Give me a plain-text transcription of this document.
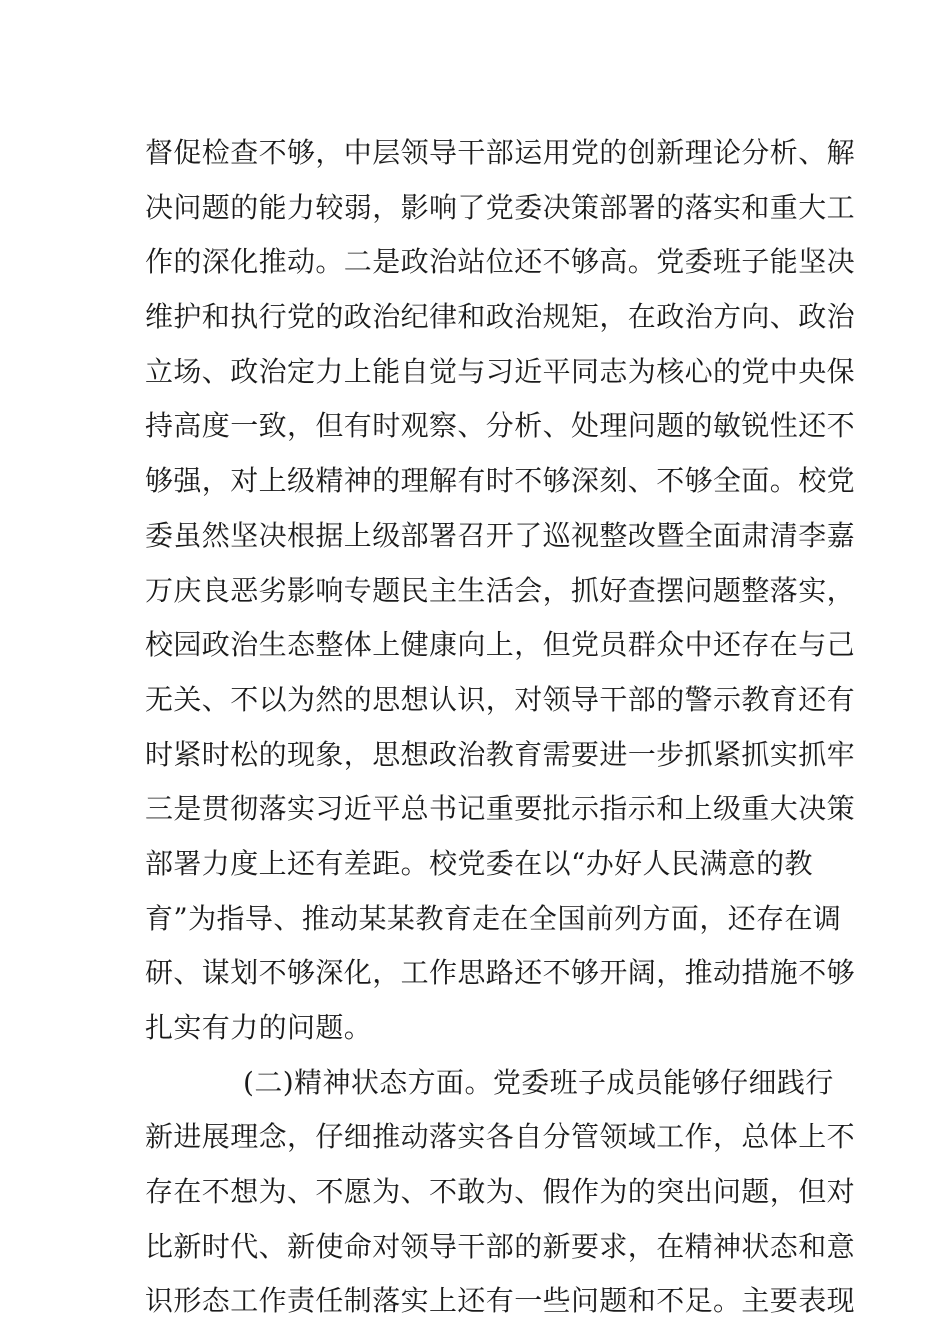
督促检查不够，中层领导干部运用党的创新理论分析、解
决问题的能力较弱，影响了党委决策部署的落实和重大工
作的深化推动。二是政治站位还不够高。党委班子能坚决
维护和执行党的政治纪律和政治规矩，在政治方向、政治
立场、政治定力上能自觉与习近平同志为核心的党中央保
持高度一致，但有时观察、分析、处理问题的敏锐性还不
够强，对上级精神的理解有时不够深刻、不够全面。校党
委虽然坚决根据上级部署召开了巡视整改暨全面肃清李嘉
万庆良恶劣影响专题民主生活会，抓好查摆问题整落实，
校园政治生态整体上健康向上，但党员群众中还存在与己
无关、不以为然的思想认识，对领导干部的警示教育还有
时紧时松的现象，思想政治教育需要进一步抓紧抓实抓牢
三是贯彻落实习近平总书记重要批示指示和上级重大决策
部署力度上还有差距。校党委在以“办好人民满意的教
育”为指导、推动某某教育走在全国前列方面，还存在调
研、谋划不够深化，工作思路还不够开阔，推动措施不够
扎实有力的问题。
(二)精神状态方面。党委班子成员能够仔细践行
新进展理念，仔细推动落实各自分管领域工作，总体上不
存在不想为、不愿为、不敢为、假作为的突出问题，但对
比新时代、新使命对领导干部的新要求，在精神状态和意
识形态工作责任制落实上还有一些问题和不足。主要表现
